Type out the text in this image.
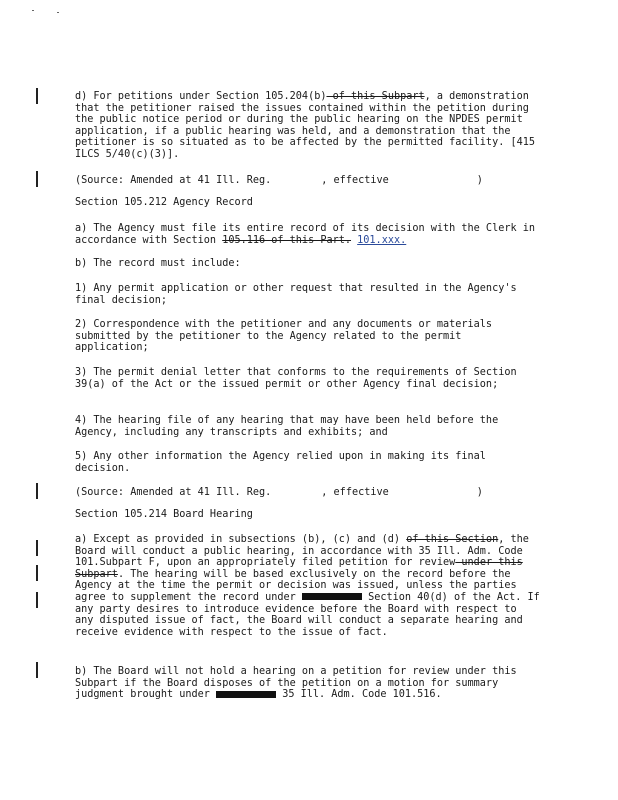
d) For petitions under Section 105.204(b) of this Subpart, a demonstration that the petitioner raised the issues contained within the petition during the public notice period or during the public hearing on the NPDES permit application, if a public hearing was held, and a demonstration that the petitioner is so situated as to be affected by the permitted facility. [415 ILCS 5/40(c)(3)].

(Source: Amended at 41 Ill. Reg.	, effective	)

Section 105.212 Agency Record

a) The Agency must file its entire record of its decision with the Clerk in accordance with Section 105.116 of this Part. 101.xxx.

b) The record must include:

1) Any permit application or other request that resulted in the Agency's final decision;

2) Correspondence with the petitioner and any documents or materials submitted by the petitioner to the Agency related to the permit application;

3) The permit denial letter that conforms to the requirements of Section 39(a) of the Act or the issued permit or other Agency final decision;

4) The hearing file of any hearing that may have been held before the Agency, including any transcripts and exhibits; and

5) Any other information the Agency relied upon in making its final decision.

(Source: Amended at 41 Ill. Reg.	, effective	)

Section 105.214 Board Hearing

a) Except as provided in subsections (b), (c) and (d) of this Section, the Board will conduct a public hearing, in accordance with 35 Ill. Adm. Code 101.Subpart F, upon an appropriately filed petition for review under this Subpart. The hearing will be based exclusively on the record before the Agency at the time the permit or decision was issued, unless the parties agree to supplement the record under	Section 40(d) of the Act. If any party desires to introduce evidence before the Board with respect to any disputed issue of fact, the Board will conduct a separate hearing and receive evidence with respect to the issue of fact.

b) The Board will not hold a hearing on a petition for review under this Subpart if the Board disposes of the petition on a motion for summary judgment brought under	35 Ill. Adm. Code 101.516.
